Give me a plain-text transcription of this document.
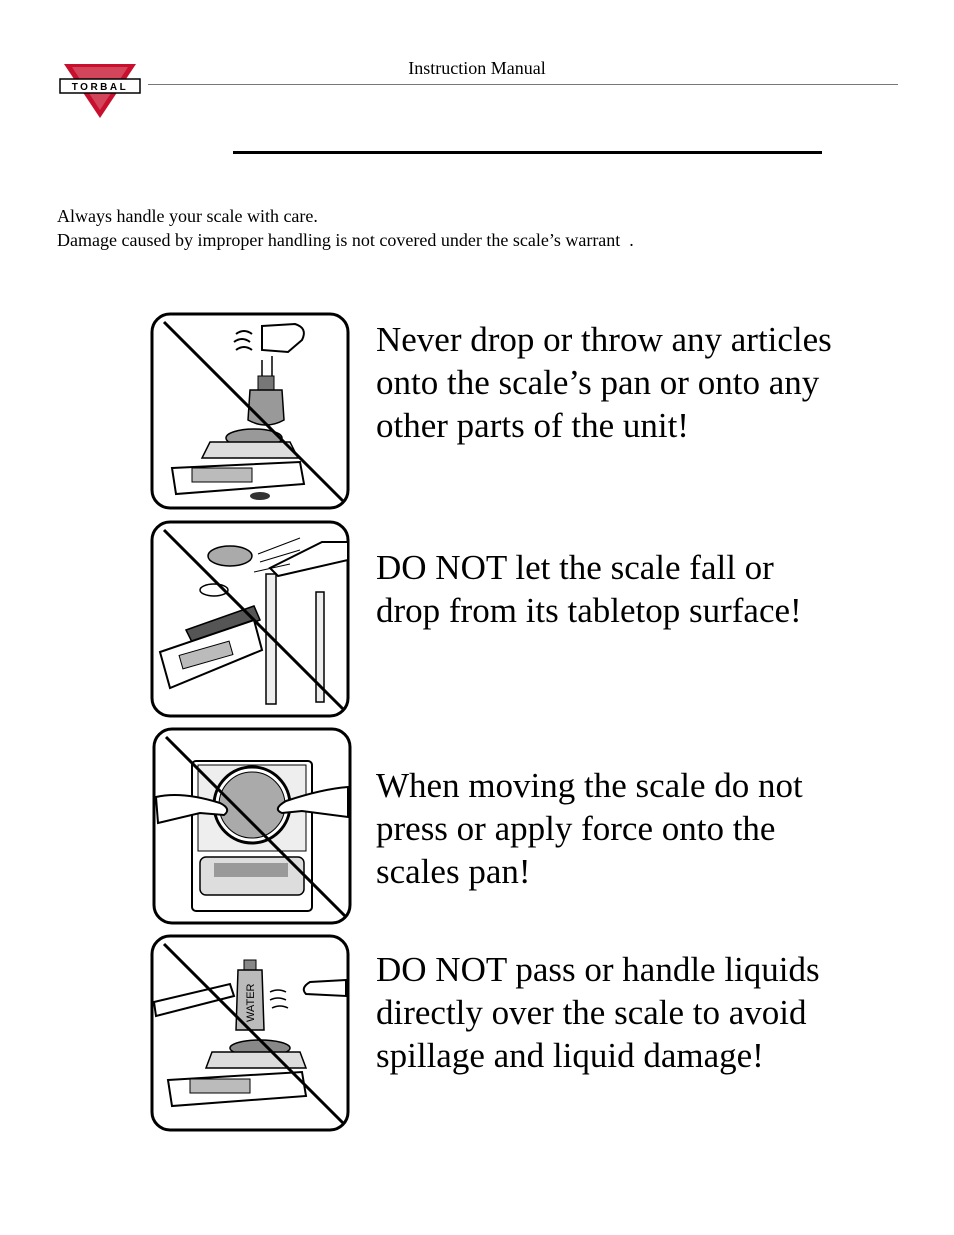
TORBAL
Instruction Manual
Always handle your scale with care.
Damage caused by improper handling is not covered under the scale’s warrant  .
Never drop or throw any articles onto the scale’s pan or onto any other parts of the unit!
DO NOT let the scale fall or drop from its tabletop surface!
When moving the scale do not press or apply force onto the scales pan!
WATER
DO NOT pass or handle liquids directly over the scale to avoid spillage and liquid damage!
